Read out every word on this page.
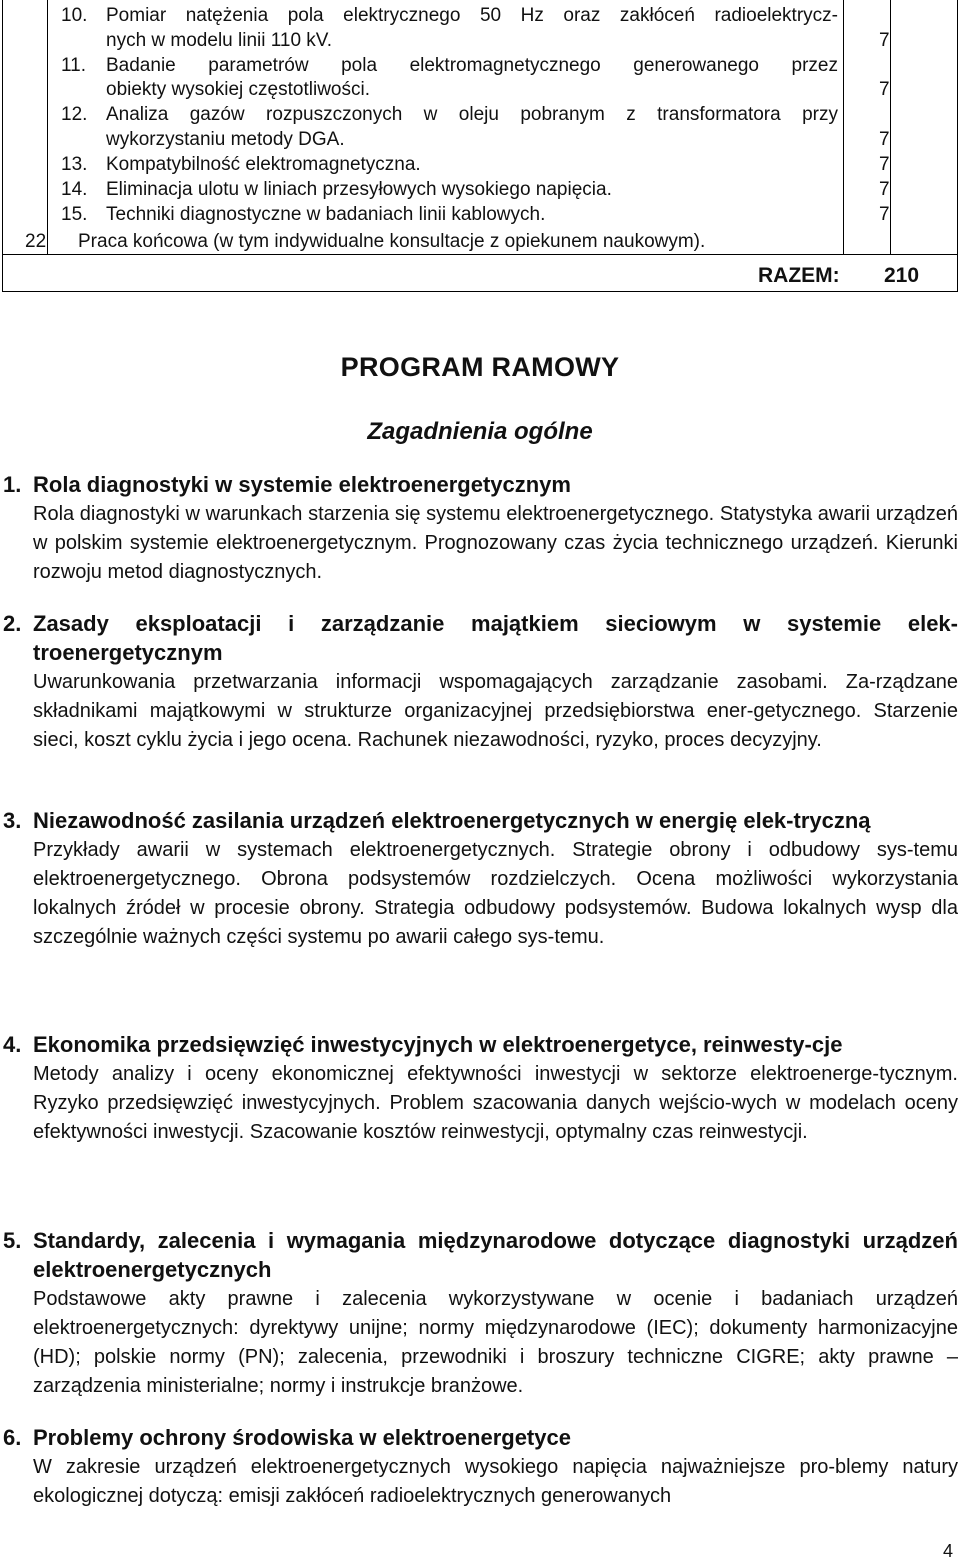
10. Pomiar natężenia pola elektrycznego 50 Hz oraz zakłóceń radioelektrycz-
nych w modelu linii 110 kV.	7
11. Badanie parametrów pola elektromagnetycznego generowanego przez
obiekty wysokiej częstotliwości.	7
12. Analiza gazów rozpuszczonych w oleju pobranym z transformatora przy
wykorzystaniu metody DGA.	7
13. Kompatybilność elektromagnetyczna.	7
14. Eliminacja ulotu w liniach przesyłowych wysokiego napięcia.	7
15. Techniki diagnostyczne w badaniach linii kablowych.	7
22 Praca końcowa (w tym indywidualne konsultacje z opiekunem naukowym).
RAZEM: 210
PROGRAM RAMOWY
Zagadnienia ogólne
1. Rola diagnostyki w systemie elektroenergetycznym
Rola diagnostyki w warunkach starzenia się systemu elektroenergetycznego. Statystyka awarii urządzeń w polskim systemie elektroenergetycznym. Prognozowany czas życia technicznego urządzeń. Kierunki rozwoju metod diagnostycznych.
2. Zasady eksploatacji i zarządzanie majątkiem sieciowym w systemie elek-troenergetycznym
Uwarunkowania przetwarzania informacji wspomagających zarządzanie zasobami. Za-rządzane składnikami majątkowymi w strukturze organizacyjnej przedsiębiorstwa ener-getycznego. Starzenie sieci, koszt cyklu życia i jego ocena. Rachunek niezawodności, ryzyko, proces decyzyjny.
3. Niezawodność zasilania urządzeń elektroenergetycznych w energię elek-tryczną
Przykłady awarii w systemach elektroenergetycznych. Strategie obrony i odbudowy sys-temu elektroenergetycznego. Obrona podsystemów rozdzielczych. Ocena możliwości wykorzystania lokalnych źródeł w procesie obrony. Strategia odbudowy podsystemów. Budowa lokalnych wysp dla szczególnie ważnych części systemu po awarii całego sys-temu.
4. Ekonomika przedsięwzięć inwestycyjnych w elektroenergetyce, reinwesty-cje
Metody analizy i oceny ekonomicznej efektywności inwestycji w sektorze elektroenerge-tycznym. Ryzyko przedsięwzięć inwestycyjnych. Problem szacowania danych wejścio-wych w modelach oceny efektywności inwestycji. Szacowanie kosztów reinwestycji, optymalny czas reinwestycji.
5. Standardy, zalecenia i wymagania międzynarodowe dotyczące diagnostyki urządzeń elektroenergetycznych
Podstawowe akty prawne i zalecenia wykorzystywane w ocenie i badaniach urządzeń elektroenergetycznych: dyrektywy unijne; normy międzynarodowe (IEC); dokumenty harmonizacyjne (HD); polskie normy (PN); zalecenia, przewodniki i broszury techniczne CIGRE; akty prawne – zarządzenia ministerialne; normy i instrukcje branżowe.
6. Problemy ochrony środowiska w elektroenergetyce
W zakresie urządzeń elektroenergetycznych wysokiego napięcia najważniejsze pro-blemy natury ekologicznej dotyczą: emisji zakłóceń radioelektrycznych generowanych
4
